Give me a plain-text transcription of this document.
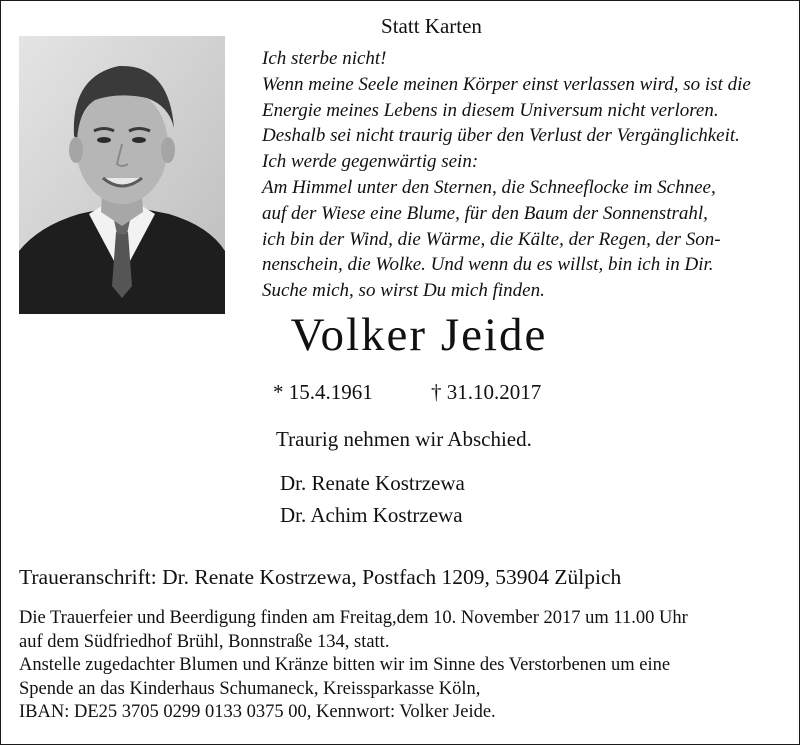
Statt Karten
Ich sterbe nicht!
Wenn meine Seele meinen Körper einst verlassen wird, so ist die
Energie meines Lebens in diesem Universum nicht verloren.
Deshalb sei nicht traurig über den Verlust der Vergänglichkeit.
Ich werde gegenwärtig sein:
Am Himmel unter den Sternen, die Schneeflocke im Schnee,
auf der Wiese eine Blume, für den Baum der Sonnenstrahl,
ich bin der Wind, die Wärme, die Kälte, der Regen, der Son-
nenschein, die Wolke. Und wenn du es willst, bin ich in Dir.
Suche mich, so wirst Du mich finden.
Volker Jeide
* 15.4.1961	† 31.10.2017
Traurig nehmen wir Abschied.
Dr. Renate Kostrzewa
Dr. Achim Kostrzewa
Traueranschrift: Dr. Renate Kostrzewa, Postfach 1209, 53904 Zülpich
Die Trauerfeier und Beerdigung finden am Freitag,dem 10. November 2017 um 11.00 Uhr
auf dem Südfriedhof Brühl, Bonnstraße 134, statt.
Anstelle zugedachter Blumen und Kränze bitten wir im Sinne des Verstorbenen um eine
Spende an das Kinderhaus Schumaneck, Kreissparkasse Köln,
IBAN: DE25 3705 0299 0133 0375 00, Kennwort: Volker Jeide.
